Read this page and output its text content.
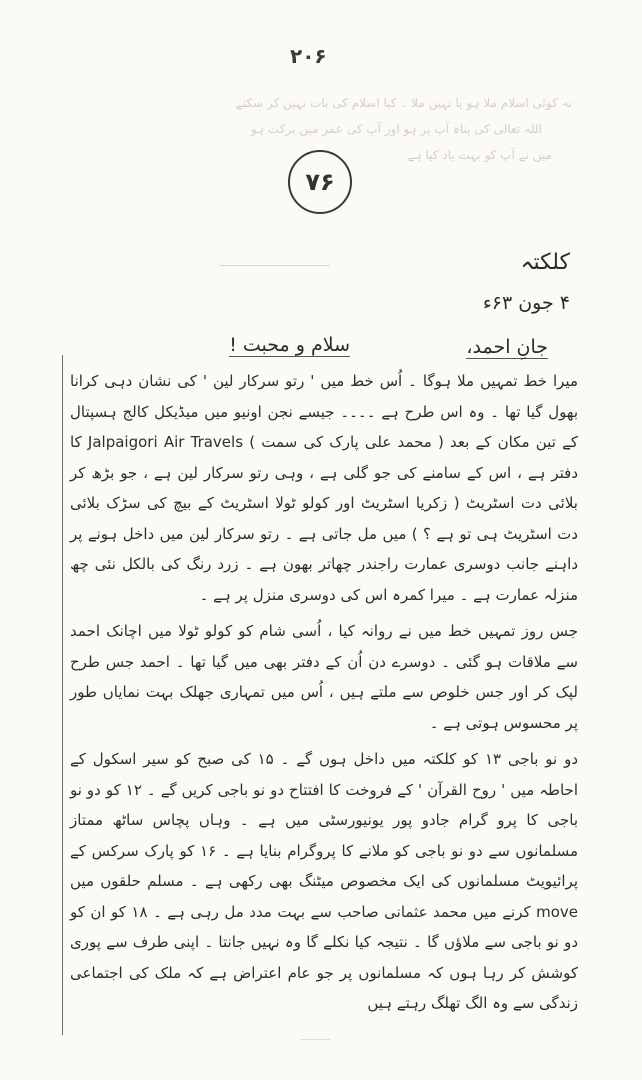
۲۰۶
نہ کوئی اسلام ملا ہو یا نہیں ملا ۔ کیا اسلام کی بات نہیں کر سکتے
اللہ تعالی کی پناہ آپ پر ہو اور آپ کی عمر میں برکت ہو
میں نے آپ کو بہت یاد کیا ہے
۷۶
کلکتہ
۴ جون ۶۳ء
جانِ احمد،
سلام و محبت !

میرا خط تمہیں ملا ہوگا ۔ اُس خط میں ' رتو سرکار لین ' کی نشان دہی کرانا بھول گیا تھا ۔ وہ اس طرح ہے ۔۔۔۔ جیسے نجن اونیو میں میڈیکل کالج ہسپتال کے تین مکان کے بعد ( محمد علی پارک کی سمت ) Jalpaigori Air Travels کا دفتر ہے ، اس کے سامنے کی جو گلی ہے ، وہی رتو سرکار لین ہے ، جو بڑھ کر بلائی دت اسٹریٹ ( زکریا اسٹریٹ اور کولو ٹولا اسٹریٹ کے بیچ کی سڑک بلائی دت اسٹریٹ ہی تو ہے ؟ ) میں مل جاتی ہے ۔ رتو سرکار لین میں داخل ہونے پر داہنے جانب دوسری عمارت راجندر چھاتر بھون ہے ۔ زرد رنگ کی بالکل نئی چھ منزلہ عمارت ہے ۔ میرا کمرہ اس کی دوسری منزل پر ہے ۔

جس روز تمہیں خط میں نے روانہ کیا ، اُسی شام کو کولو ٹولا میں اچانک احمد سے ملاقات ہو گئی ۔ دوسرے دن اُن کے دفتر بھی میں گیا تھا ۔ احمد جس طرح لپک کر اور جس خلوص سے ملتے ہیں ، اُس میں تمہاری جھلک بہت نمایاں طور پر محسوس ہوتی ہے ۔

دو نو باجی ۱۳ کو کلکتہ میں داخل ہوں گے ۔ ۱۵ کی صبح کو سیر اسکول کے احاطہ میں ' روح القرآن ' کے فروخت کا افتتاح دو نو باجی کریں گے ۔ ۱۲ کو دو نو باجی کا پرو گرام جادو پور یونیورسٹی میں ہے ۔ وہاں پچاس ساٹھ ممتاز مسلمانوں سے دو نو باجی کو ملانے کا پروگرام بنایا ہے ۔ ۱۶ کو پارک سرکس کے پرائیویٹ مسلمانوں کی ایک مخصوص میٹنگ بھی رکھی ہے ۔ مسلم حلقوں میں move کرنے میں محمد عثمانی صاحب سے بہت مدد مل رہی ہے ۔ ۱۸ کو ان کو دو نو باجی سے ملاؤں گا ۔ نتیجہ کیا نکلے گا وہ نہیں جانتا ۔ اپنی طرف سے پوری کوشش کر رہا ہوں کہ مسلمانوں پر جو عام اعتراض ہے کہ ملک کی اجتماعی زندگی سے وہ الگ تھلگ رہتے ہیں
